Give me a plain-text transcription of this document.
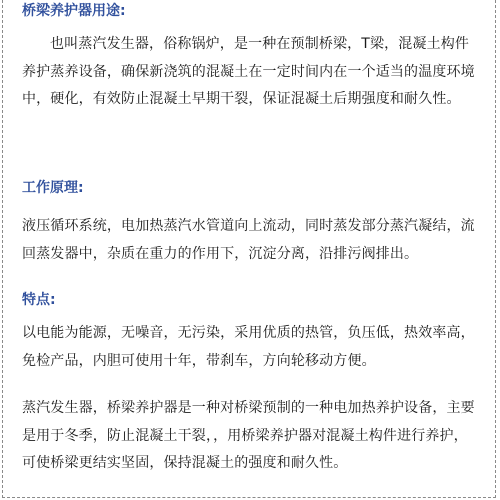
桥梁养护器用途:

也叫蒸汽发生器，俗称锅炉，是一种在预制桥梁，T梁，混凝土构件养护蒸养设备，确保新浇筑的混凝土在一定时间内在一个适当的温度环境中，硬化，有效防止混凝土早期干裂，保证混凝土后期强度和耐久性。

工作原理:

液压循环系统，电加热蒸汽水管道向上流动，同时蒸发部分蒸汽凝结，流回蒸发器中，杂质在重力的作用下，沉淀分离，沿排污阀排出。

特点:

以电能为能源，无噪音，无污染，采用优质的热管，负压低，热效率高，免检产品，内胆可使用十年，带刹车，方向轮移动方便。

蒸汽发生器，桥梁养护器是一种对桥梁预制的一种电加热养护设备，主要是用于冬季，防止混凝土干裂，，用桥梁养护器对混凝土构件进行养护，可使桥梁更结实坚固，保持混凝土的强度和耐久性。
